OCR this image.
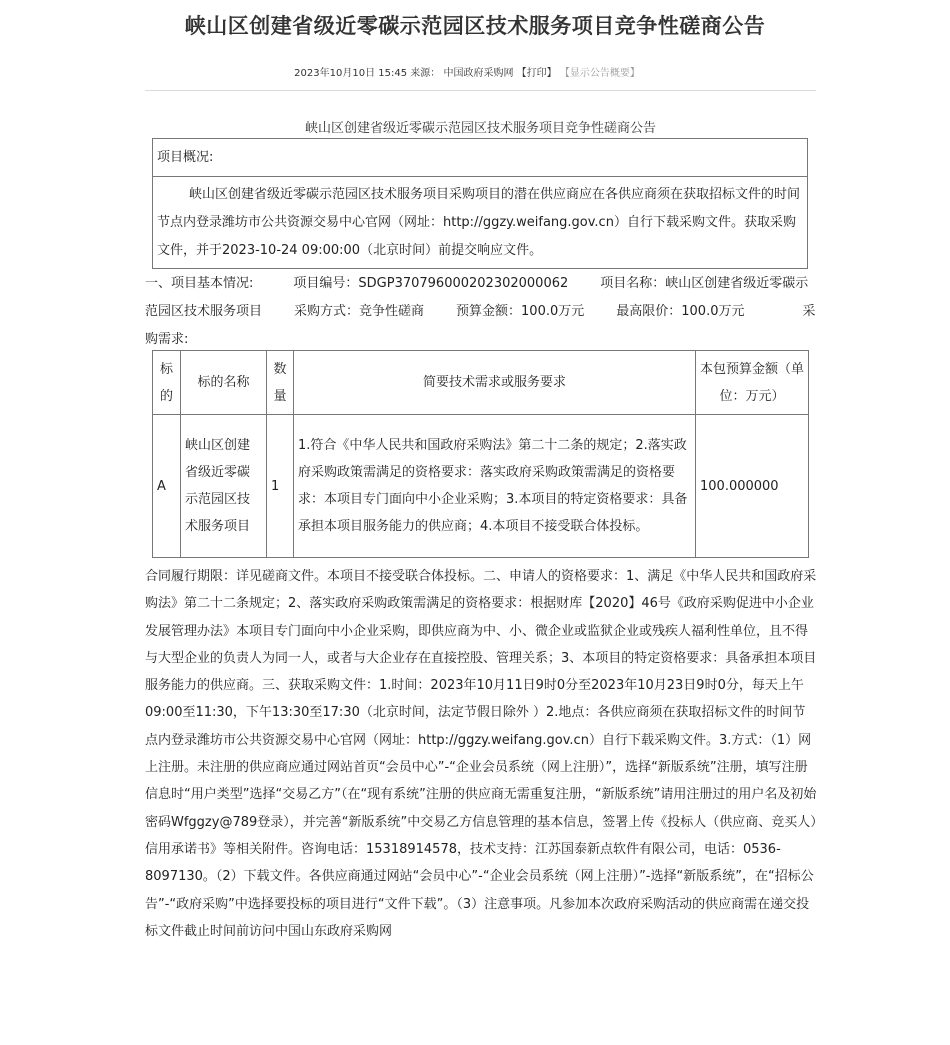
峡山区创建省级近零碳示范园区技术服务项目竞争性磋商公告
2023年10月10日 15:45 来源： 中国政府采购网 【打印】 【显示公告概要】
峡山区创建省级近零碳示范园区技术服务项目竞争性磋商公告
项目概况:
峡山区创建省级近零碳示范园区技术服务项目采购项目的潜在供应商应在各供应商须在获取招标文件的时间节点内登录潍坊市公共资源交易中心官网（网址：http://ggzy.weifang.gov.cn）自行下载采购文件。获取采购文件，并于2023-10-24 09:00:00（北京时间）前提交响应文件。
一、项目基本情况:	项目编号：SDGP370796000202302000062 项目名称：峡山区创建省级近零碳示范园区技术服务项目 采购方式：竞争性磋商 预算金额：100.0万元 最高限价：100.0万元	采购需求:
标的	标的名称	数量	简要技术需求或服务要求	本包预算金额（单位：万元）
A	峡山区创建省级近零碳示范园区技术服务项目	1	1.符合《中华人民共和国政府采购法》第二十二条的规定；2.落实政府采购政策需满足的资格要求：落实政府采购政策需满足的资格要求：本项目专门面向中小企业采购；3.本项目的特定资格要求：具备承担本项目服务能力的供应商；4.本项目不接受联合体投标。	100.000000
合同履行期限：详见磋商文件。本项目不接受联合体投标。二、申请人的资格要求：1、满足《中华人民共和国政府采购法》第二十二条规定；2、落实政府采购政策需满足的资格要求：根据财库【2020】46号《政府采购促进中小企业发展管理办法》本项目专门面向中小企业采购，即供应商为中、小、微企业或监狱企业或残疾人福利性单位，且不得与大型企业的负责人为同一人，或者与大企业存在直接控股、管理关系；3、本项目的特定资格要求：具备承担本项目服务能力的供应商。三、获取采购文件：1.时间：2023年10月11日9时0分至2023年10月23日9时0分，每天上午09:00至11:30，下午13:30至17:30（北京时间，法定节假日除外 ）2.地点：各供应商须在获取招标文件的时间节点内登录潍坊市公共资源交易中心官网（网址：http://ggzy.weifang.gov.cn）自行下载采购文件。3.方式：（1）网上注册。未注册的供应商应通过网站首页“会员中心”-“企业会员系统（网上注册）”，选择“新版系统”注册，填写注册信息时“用户类型”选择“交易乙方”（在“现有系统”注册的供应商无需重复注册，“新版系统”请用注册过的用户名及初始密码Wfggzy@789登录），并完善“新版系统”中交易乙方信息管理的基本信息，签署上传《投标人（供应商、竞买人）信用承诺书》等相关附件。咨询电话：15318914578，技术支持：江苏国泰新点软件有限公司，电话：0536-8097130。（2）下载文件。各供应商通过网站“会员中心”-“企业会员系统（网上注册）”-选择“新版系统”，在“招标公告”-“政府采购”中选择要投标的项目进行“文件下载”。（3）注意事项。凡参加本次政府采购活动的供应商需在递交投标文件截止时间前访问中国山东政府采购网
